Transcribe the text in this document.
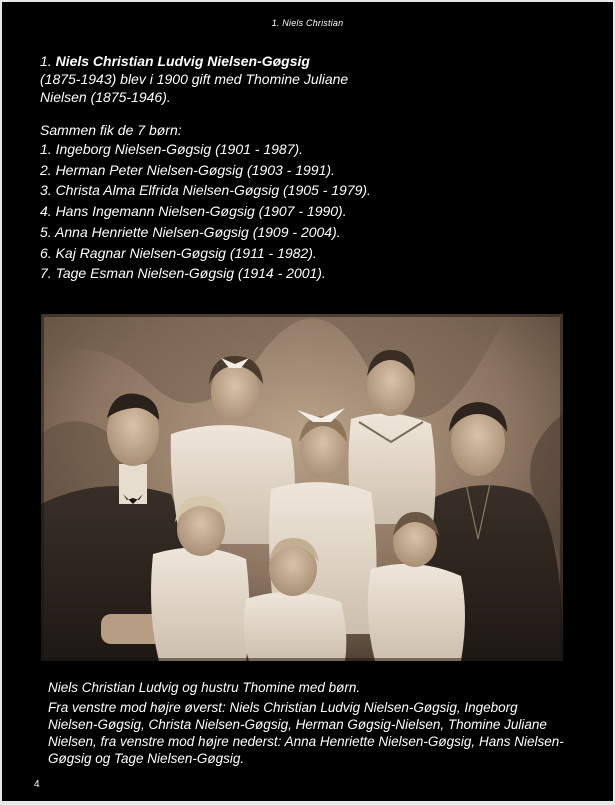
1. Niels Christian
1. Niels Christian Ludvig Nielsen-Gøgsig
(1875-1943) blev i 1900 gift med Thomine Juliane
Nielsen (1875-1946).
Sammen fik de 7 børn:
1. Ingeborg Nielsen-Gøgsig (1901 - 1987).
2. Herman Peter Nielsen-Gøgsig (1903 - 1991).
3. Christa Alma Elfrida Nielsen-Gøgsig (1905 - 1979).
4. Hans Ingemann Nielsen-Gøgsig (1907 - 1990).
5. Anna Henriette Nielsen-Gøgsig (1909 - 2004).
6. Kaj Ragnar Nielsen-Gøgsig (1911 - 1982).
7. Tage Esman Nielsen-Gøgsig (1914 - 2001).

Niels Christian Ludvig og hustru Thomine med børn.

Fra venstre mod højre øverst: Niels Christian Ludvig Nielsen-Gøgsig, Ingeborg Nielsen-Gøgsig, Christa Nielsen-Gøgsig, Herman Gøgsig-Nielsen, Thomine Juliane Nielsen, fra venstre mod højre nederst: Anna Henriette Nielsen-Gøgsig, Hans Nielsen-Gøgsig og Tage Nielsen-Gøgsig.

4
